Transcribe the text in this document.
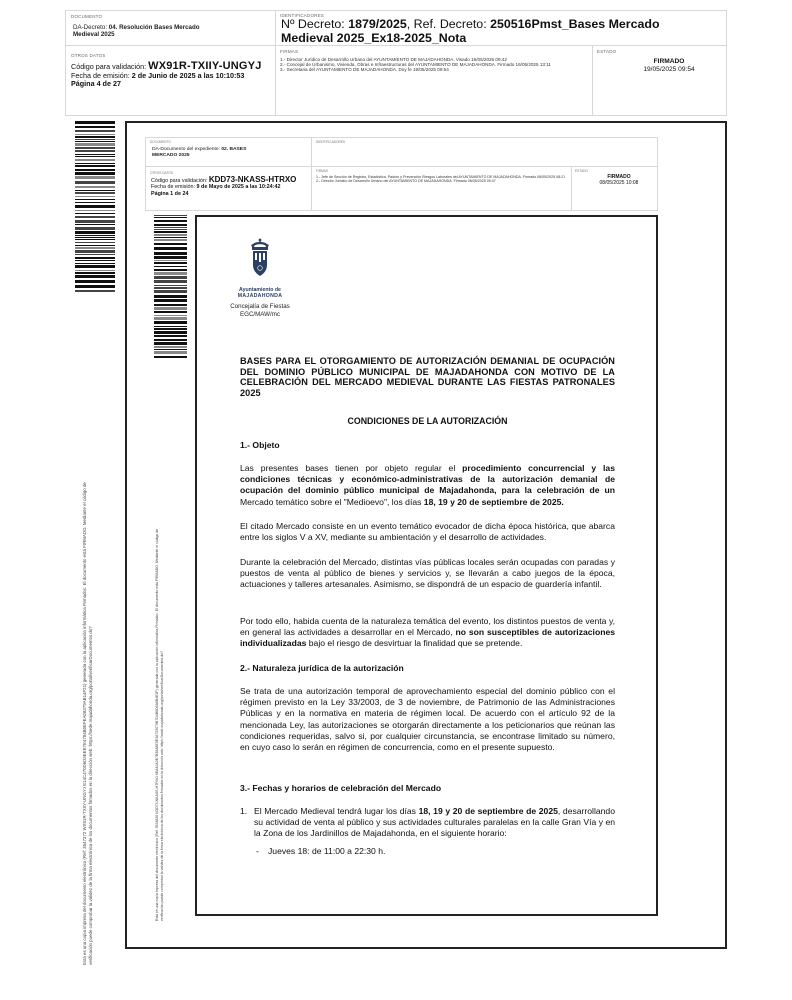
DOCUMENTO
DA-Decreto: 04. Resolución Bases Mercado
Medieval 2025
IDENTIFICADORES
Nº Decreto: 1879/2025, Ref. Decreto: 250516Pmst_Bases Mercado
Medieval 2025_Ex18-2025_Nota
OTROS DATOS
Código para validación: WX91R-TXIIY-UNGYJ
Fecha de emisión: 2 de Junio de 2025 a las 10:10:53
Página 4 de 27
FIRMAS
1.- Director Jurídico de Desarrollo Urbano del AYUNTAMIENTO DE MAJADAHONDA. Visado 16/05/2025 09:42
2.- Concejal de Urbanismo, Vivienda, Obras e Infraestructuras del AYUNTAMIENTO DE MAJADAHONDA. Firmado 16/05/2025 13:11
3.- Secretaria del AYUNTAMIENTO DE MAJADAHONDA. Doy fe 19/05/2025 09:54
ESTADO
FIRMADO
19/05/2025 09:54
Esta es una copia impresa del documento electrónico (Ref: 3547372 WX91R-TXIIY-UNGYJ E14C470D6D3EEE7E4784B0EFEA08379AB14F21) generada con la aplicación informática Firmadoc. El documento está FIRMADO. Mediante el código de verificación puede comprobar la validez de la firma electrónica de los documentos firmados en la dirección web: https://sede.majadahonda.org/portal/verificarDocumentos.do?
DOCUMENTO
DA-Documento del expediente: 02. BASES
MERCADO 2025
IDENTIFICADORES
OTROS DATOS
Código para validación: KDD73-NKASS-HTRXO
Fecha de emisión: 9 de Mayo de 2025 a las 10:24:42
Página 1 de 24
FIRMAS
1.- Jefe de Sección de Registro, Estadística, Padrón y Prevención Riesgos Laborales del AYUNTAMIENTO DE MAJADAHONDA. Firmado 08/05/2025 08:21
2.- Director Jurídico de Desarrollo Urbano del AYUNTAMIENTO DE MAJADAHONDA. Firmado 08/05/2025 09:37
ESTADO
FIRMADO
08/05/2025 10:08
Esta es una copia impresa del documento electrónico (Ref: 3534826 KDD73-NKASS-HTRXO 6EA40A3E7B38A8E5E3A753079B7D4B6D6A6B4E2F) generada con la aplicación informática Firmadoc. El documento está FIRMADO. Mediante el código de verificación puede comprobar la validez de la firma electrónica de los documentos firmados en la dirección web: https://sede.majadahonda.org/portal/verificarDocumentos.do?
Ayuntamiento de
MAJADAHONDA
Concejalía de Fiestas
EGC/MAW/mc
BASES PARA EL OTORGAMIENTO DE AUTORIZACIÓN DEMANIAL DE OCUPACIÓN DEL DOMINIO PÚBLICO MUNICIPAL DE MAJADAHONDA CON MOTIVO DE LA CELEBRACIÓN DEL MERCADO MEDIEVAL DURANTE LAS FIESTAS PATRONALES 2025
CONDICIONES DE LA AUTORIZACIÓN
1.- Objeto
Las presentes bases tienen por objeto regular el procedimiento concurrencial y las condiciones técnicas y económico-administrativas de la autorización demanial de ocupación del dominio público municipal de Majadahonda, para la celebración de un Mercado temático sobre el "Medioevo", los días 18, 19 y 20 de septiembre de 2025.
El citado Mercado consiste en un evento temático evocador de dicha época histórica, que abarca entre los siglos V a XV, mediante su ambientación y el desarrollo de actividades.
Durante la celebración del Mercado, distintas vías públicas locales serán ocupadas con paradas y puestos de venta al público de bienes y servicios y, se llevarán a cabo juegos de la época, actuaciones y talleres artesanales. Asimismo, se dispondrá de un espacio de guardería infantil.
Por todo ello, habida cuenta de la naturaleza temática del evento, los distintos puestos de venta y, en general las actividades a desarrollar en el Mercado, no son susceptibles de autorizaciones individualizadas bajo el riesgo de desvirtuar la finalidad que se pretende.
2.- Naturaleza jurídica de la autorización
Se trata de una autorización temporal de aprovechamiento especial del dominio público con el régimen previsto en la Ley 33/2003, de 3 de noviembre, de Patrimonio de las Administraciones Públicas y en la normativa en materia de régimen local. De acuerdo con el artículo 92 de la mencionada Ley, las autorizaciones se otorgarán directamente a los peticionarios que reúnan las condiciones requeridas, salvo si, por cualquier circunstancia, se encontrase limitado su número, en cuyo caso lo serán en régimen de concurrencia, como en el presente supuesto.
3.- Fechas y horarios de celebración del Mercado
1. El Mercado Medieval tendrá lugar los días 18, 19 y 20 de septiembre de 2025, desarrollando su actividad de venta al público y sus actividades culturales paralelas en la calle Gran Vía y en la Zona de los Jardinillos de Majadahonda, en el siguiente horario:
-	Jueves 18: de 11:00 a 22:30 h.
